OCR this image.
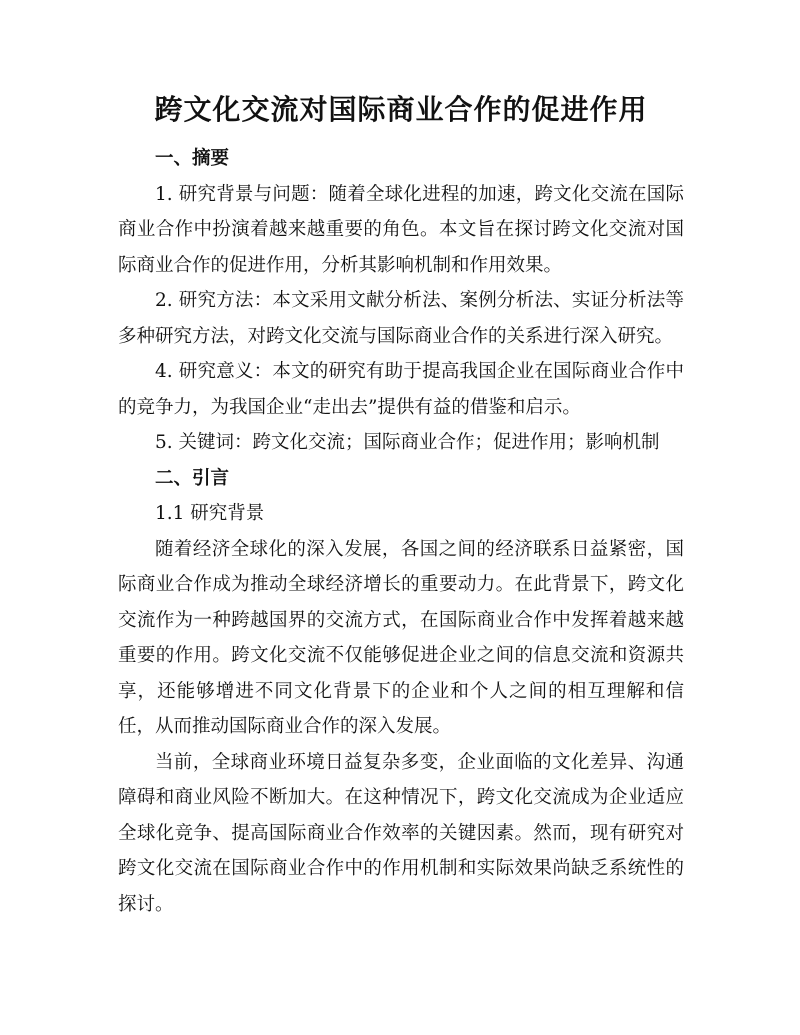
跨文化交流对国际商业合作的促进作用
一、摘要

1. 研究背景与问题：随着全球化进程的加速，跨文化交流在国际商业合作中扮演着越来越重要的角色。本文旨在探讨跨文化交流对国际商业合作的促进作用，分析其影响机制和作用效果。

2. 研究方法：本文采用文献分析法、案例分析法、实证分析法等多种研究方法，对跨文化交流与国际商业合作的关系进行深入研究。

4. 研究意义：本文的研究有助于提高我国企业在国际商业合作中的竞争力，为我国企业“走出去”提供有益的借鉴和启示。

5. 关键词：跨文化交流；国际商业合作；促进作用；影响机制

二、引言

1.1 研究背景

随着经济全球化的深入发展，各国之间的经济联系日益紧密，国际商业合作成为推动全球经济增长的重要动力。在此背景下，跨文化交流作为一种跨越国界的交流方式，在国际商业合作中发挥着越来越重要的作用。跨文化交流不仅能够促进企业之间的信息交流和资源共享，还能够增进不同文化背景下的企业和个人之间的相互理解和信任，从而推动国际商业合作的深入发展。

当前，全球商业环境日益复杂多变，企业面临的文化差异、沟通障碍和商业风险不断加大。在这种情况下，跨文化交流成为企业适应全球化竞争、提高国际商业合作效率的关键因素。然而，现有研究对跨文化交流在国际商业合作中的作用机制和实际效果尚缺乏系统性的探讨。
